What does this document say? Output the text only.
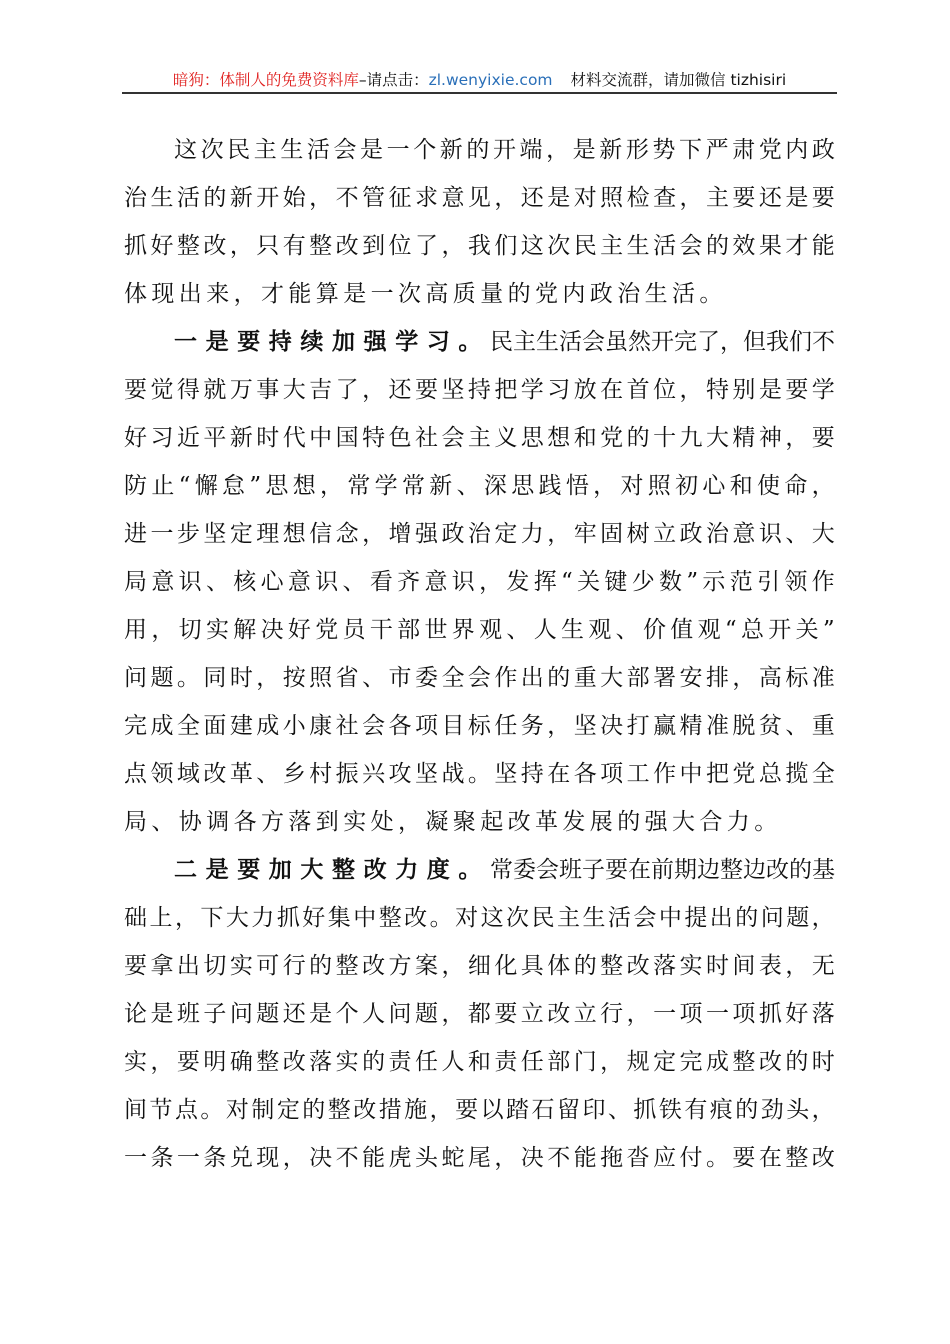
暗狗：体制人的免费资料库–请点击：zl.wenyixie.com 材料交流群，请加微信 tizhisiri
这 次 民 主 生 活 会 是 一 个 新 的 开 端 ， 是 新 形 势 下 严 肃 党 内 政
治 生 活 的 新 开 始 ， 不 管 征 求 意 见 ， 还 是 对 照 检 查 ， 主 要 还 是 要
抓 好 整 改 ， 只 有 整 改 到 位 了 ， 我 们 这 次 民 主 生 活 会 的 效 果 才 能
体现出来，才能算是一次高质量的党内政治生活。
一是要持续加强学习。 民 主 生 活 会 虽 然 开 完 了 ， 但 我 们 不
要 觉 得 就 万 事 大 吉 了 ， 还 要 坚 持 把 学 习 放 在 首 位 ， 特 别 是 要 学
好 习 近 平 新 时 代 中 国 特 色 社 会 主 义 思 想 和 党 的 十 九 大 精 神 ， 要
防 止 “ 懈 怠 ” 思 想 ， 常 学 常 新 、 深 思 践 悟 ， 对 照 初 心 和 使 命 ，
进 一 步 坚 定 理 想 信 念 ， 增 强 政 治 定 力 ， 牢 固 树 立 政 治 意 识 、 大
局 意 识 、 核 心 意 识 、 看 齐 意 识 ， 发 挥 “ 关 键 少 数 ” 示 范 引 领 作
用 ， 切 实 解 决 好 党 员 干 部 世 界 观 、 人 生 观 、 价 值 观 “ 总 开 关 ”
问 题 。 同 时 ， 按 照 省 、 市 委 全 会 作 出 的 重 大 部 署 安 排 ， 高 标 准
完 成 全 面 建 成 小 康 社 会 各 项 目 标 任 务 ， 坚 决 打 赢 精 准 脱 贫 、 重
点 领 域 改 革 、 乡 村 振 兴 攻 坚 战 。 坚 持 在 各 项 工 作 中 把 党 总 揽 全
局、协调各方落到实处，凝聚起改革发展的强大合力。
二是要加大整改力度。 常 委 会 班 子 要 在 前 期 边 整 边 改 的 基
础 上 ， 下 大 力 抓 好 集 中 整 改 。 对 这 次 民 主 生 活 会 中 提 出 的 问 题 ，
要 拿 出 切 实 可 行 的 整 改 方 案 ， 细 化 具 体 的 整 改 落 实 时 间 表 ， 无
论 是 班 子 问 题 还 是 个 人 问 题 ， 都 要 立 改 立 行 ， 一 项 一 项 抓 好 落
实 ， 要 明 确 整 改 落 实 的 责 任 人 和 责 任 部 门 ， 规 定 完 成 整 改 的 时
间 节 点 。 对 制 定 的 整 改 措 施 ， 要 以 踏 石 留 印 、 抓 铁 有 痕 的 劲 头 ，
一 条 一 条 兑 现 ， 决 不 能 虎 头 蛇 尾 ， 决 不 能 拖 沓 应 付 。 要 在 整 改
